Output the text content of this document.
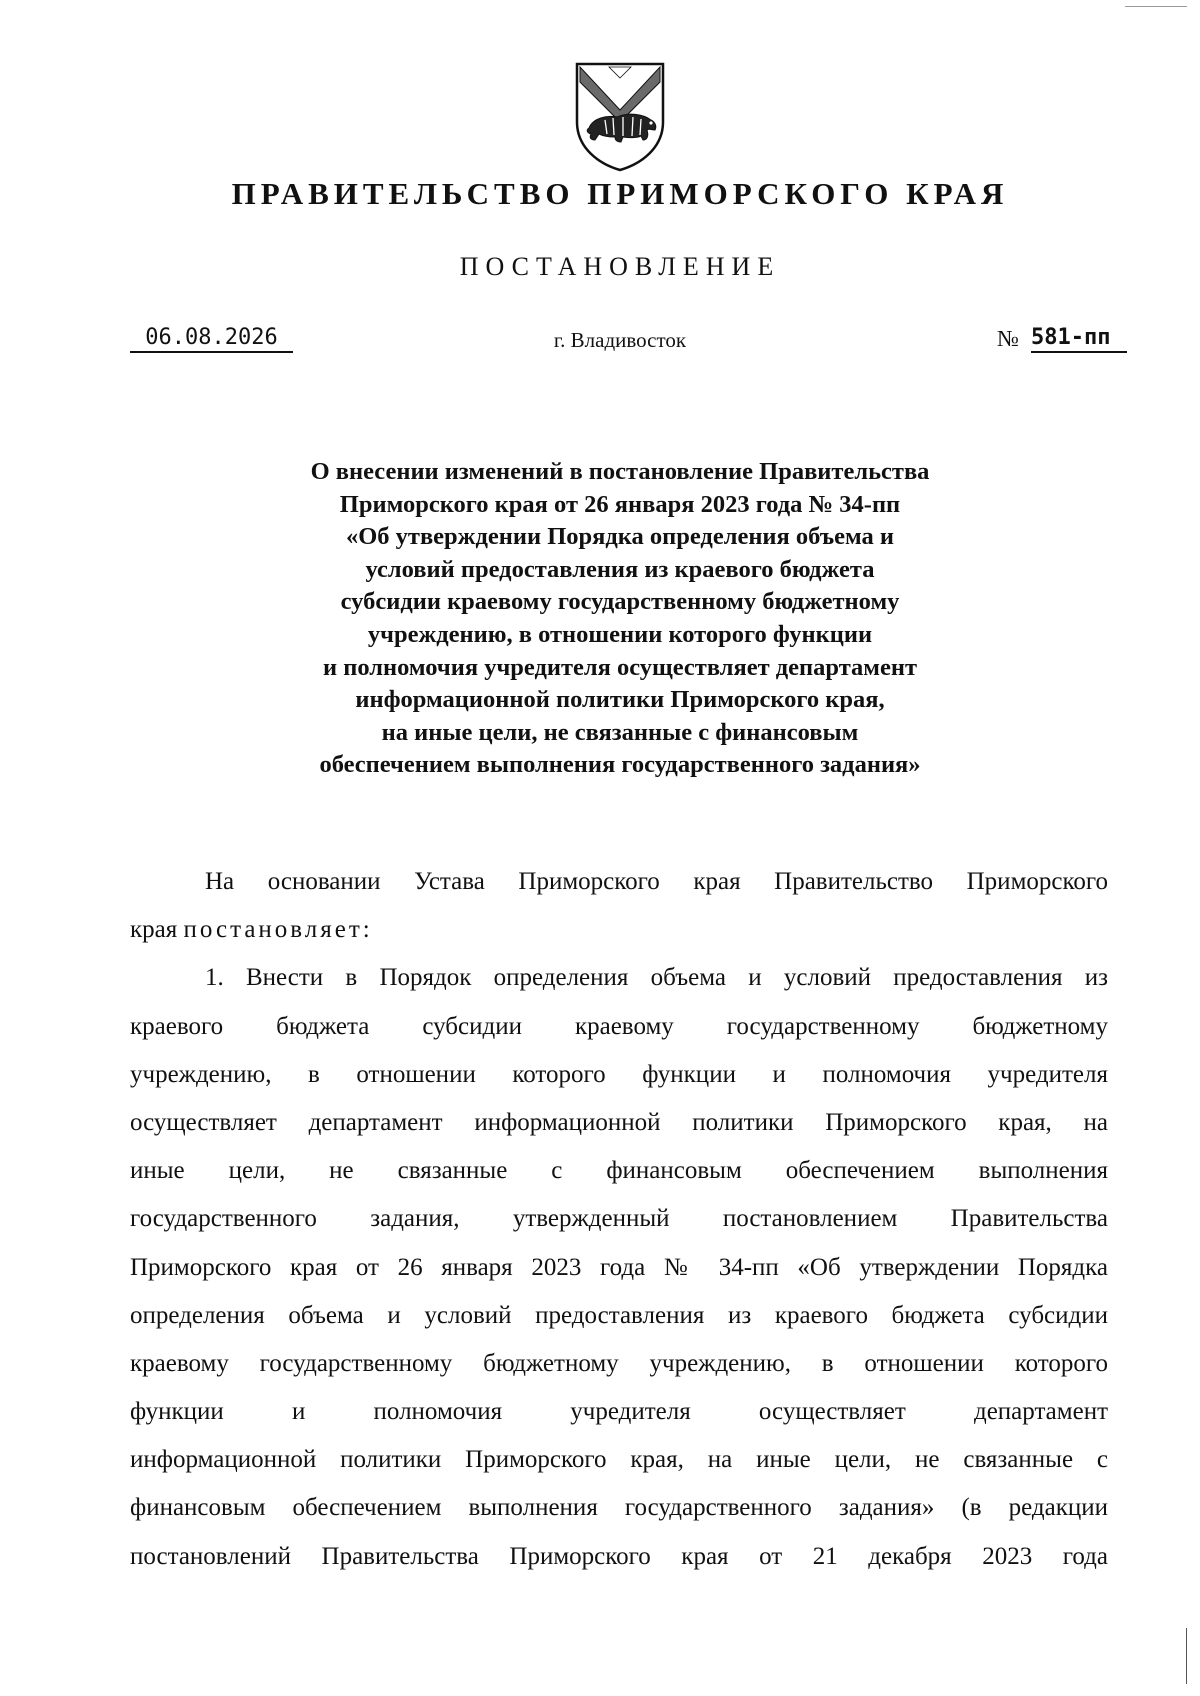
ПРАВИТЕЛЬСТВО ПРИМОРСКОГО КРАЯ
ПОСТАНОВЛЕНИЕ
06.08.2026	г. Владивосток	№ 581-пп
О внесении изменений в постановление Правительства
Приморского края от 26 января 2023 года № 34-пп
«Об утверждении Порядка определения объема и
условий предоставления из краевого бюджета
субсидии краевому государственному бюджетному
учреждению, в отношении которого функции
и полномочия учредителя осуществляет департамент
информационной политики Приморского края,
на иные цели, не связанные с финансовым
обеспечением выполнения государственного задания»
На основании Устава Приморского края Правительство Приморского
края постановляет:
1. Внести в Порядок определения объема и условий предоставления из
краевого бюджета субсидии краевому государственному бюджетному
учреждению, в отношении которого функции и полномочия учредителя
осуществляет департамент информационной политики Приморского края, на
иные цели, не связанные с финансовым обеспечением выполнения
государственного задания, утвержденный постановлением Правительства
Приморского края от 26 января 2023 года № 34-пп «Об утверждении Порядка
определения объема и условий предоставления из краевого бюджета субсидии
краевому государственному бюджетному учреждению, в отношении которого
функции и полномочия учредителя осуществляет департамент
информационной политики Приморского края, на иные цели, не связанные с
финансовым обеспечением выполнения государственного задания» (в редакции
постановлений Правительства Приморского края от 21 декабря 2023 года
